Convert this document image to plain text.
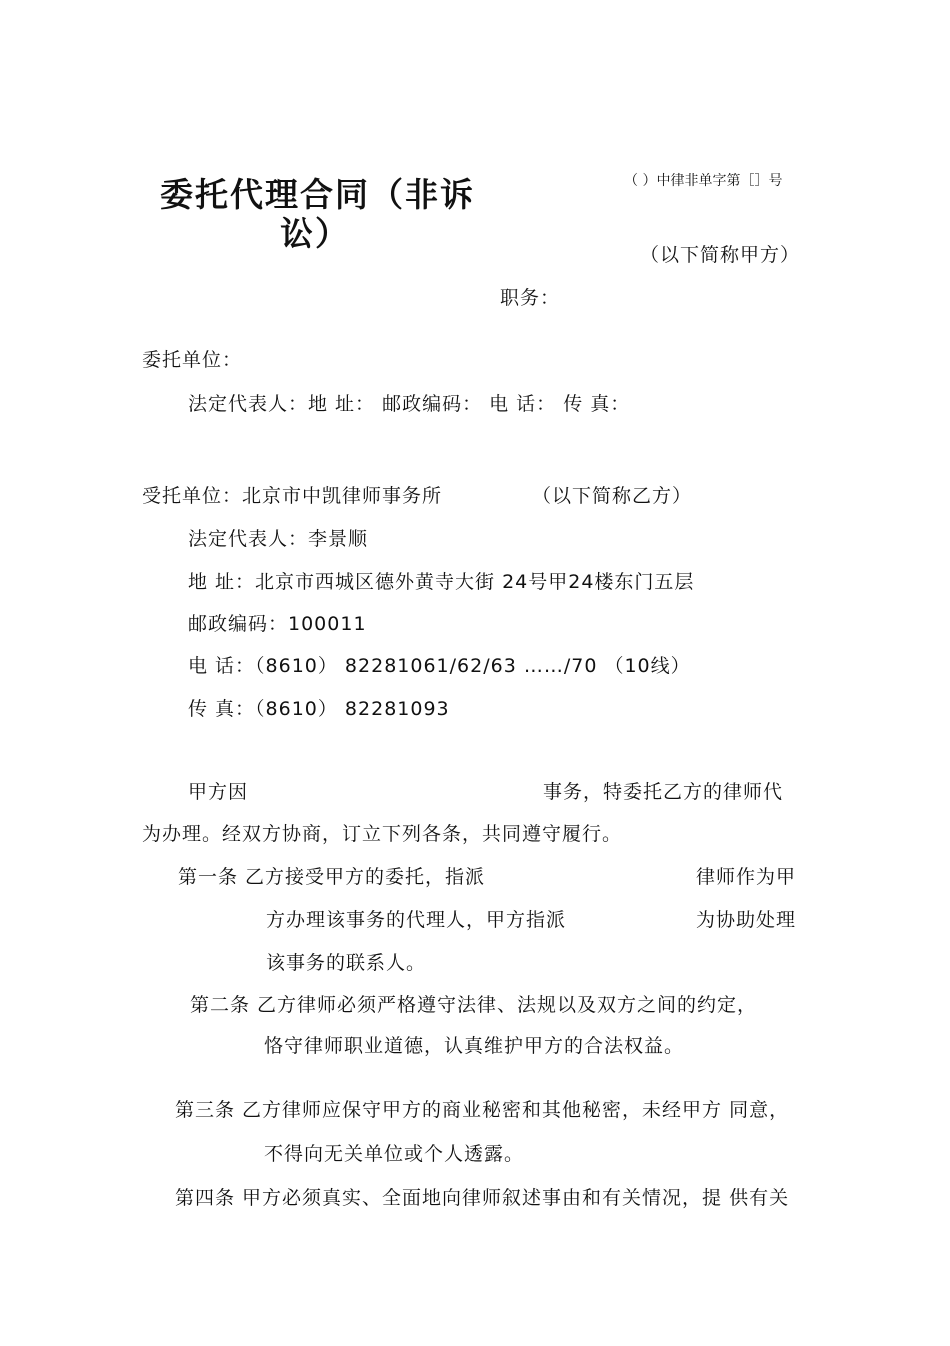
委托代理合同（非诉
讼）
（ ）中律非单字第［］号
（以下简称甲方）
职务：
委托单位：
法定代表人：地 址： 邮政编码： 电 话： 传 真：
受托单位：北京市中凯律师事务所	（以下简称乙方）
法定代表人：李景顺
地 址：北京市西城区德外黄寺大街 24号甲24楼东门五层
邮政编码：100011
电 话：（8610） 82281061/62/63 ……/70 （10线）
传 真：（8610） 82281093
甲方因	事务，特委托乙方的律师代
为办理。经双方协商，订立下列各条，共同遵守履行。
第一条 乙方接受甲方的委托，指派	律师作为甲
方办理该事务的代理人，甲方指派	为协助处理
该事务的联系人。
第二条 乙方律师必须严格遵守法律、法规以及双方之间的约定，
恪守律师职业道德，认真维护甲方的合法权益。
第三条 乙方律师应保守甲方的商业秘密和其他秘密，未经甲方 同意，
不得向无关单位或个人透露。
第四条 甲方必须真实、全面地向律师叙述事由和有关情况，提 供有关
